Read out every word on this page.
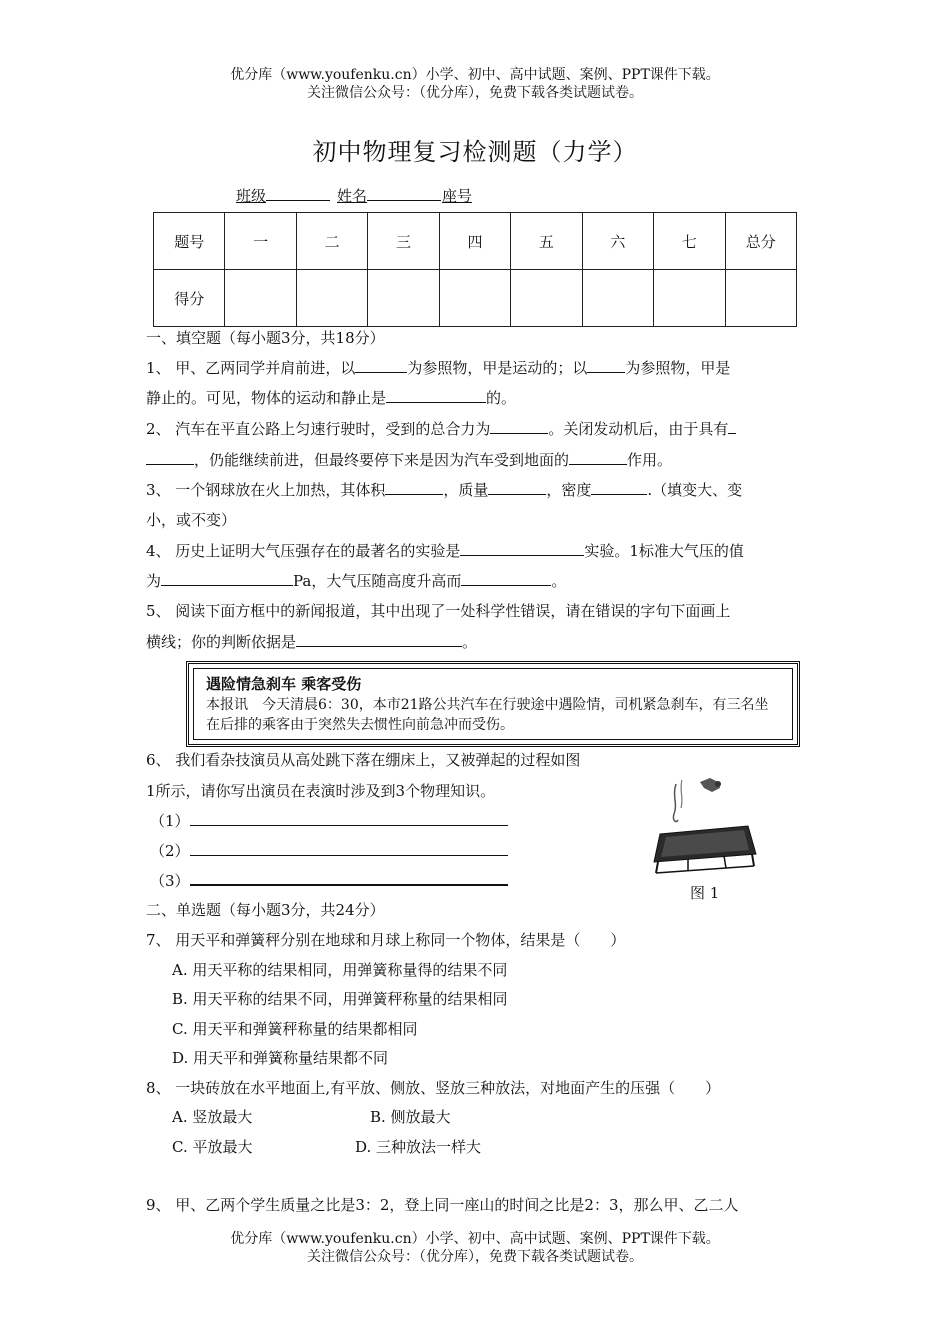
优分库（www.youfenku.cn）小学、初中、高中试题、案例、PPT课件下载。
关注微信公众号：（优分库），免费下载各类试题试卷。
初中物理复习检测题（力学）
班级	姓名	座号
题号	一	二	三	四	五	六	七	总分
得分								
一、填空题（每小题3分，共18分）
1、 甲、乙两同学并肩前进，以	为参照物，甲是运动的；以	为参照物，甲是
静止的。可见，物体的运动和静止是	的。
2、 汽车在平直公路上匀速行驶时，受到的总合力为	。关闭发动机后，由于具有
，仍能继续前进，但最终要停下来是因为汽车受到地面的	作用。
3、 一个钢球放在火上加热，其体积	，质量	，密度	.（填变大、变
小，或不变）
4、 历史上证明大气压强存在的最著名的实验是	实验。1标准大气压的值
为	Pa，大气压随高度升高而	。
5、 阅读下面方框中的新闻报道，其中出现了一处科学性错误，请在错误的字句下面画上
横线；你的判断依据是	。
遇险情急刹车 乘客受伤
本报讯　今天清晨6：30，本市21路公共汽车在行驶途中遇险情，司机紧急刹车，有三名坐在后排的乘客由于突然失去惯性向前急冲而受伤。
6、 我们看杂技演员从高处跳下落在绷床上，又被弹起的过程如图
1所示，请你写出演员在表演时涉及到3个物理知识。
（1）
（2）
（3）
图 1
二、单选题（每小题3分，共24分）
7、 用天平和弹簧秤分别在地球和月球上称同一个物体，结果是（　　）
A. 用天平称的结果相同，用弹簧称量得的结果不同
B. 用天平称的结果不同，用弹簧秤称量的结果相同
C. 用天平和弹簧秤称量的结果都相同
D. 用天平和弹簧称量结果都不同
8、 一块砖放在水平地面上,有平放、侧放、竖放三种放法，对地面产生的压强（　　）
A. 竖放最大	B. 侧放最大
C. 平放最大	D. 三种放法一样大
9、 甲、乙两个学生质量之比是3：2，登上同一座山的时间之比是2：3，那么甲、乙二人
优分库（www.youfenku.cn）小学、初中、高中试题、案例、PPT课件下载。
关注微信公众号：（优分库），免费下载各类试题试卷。
